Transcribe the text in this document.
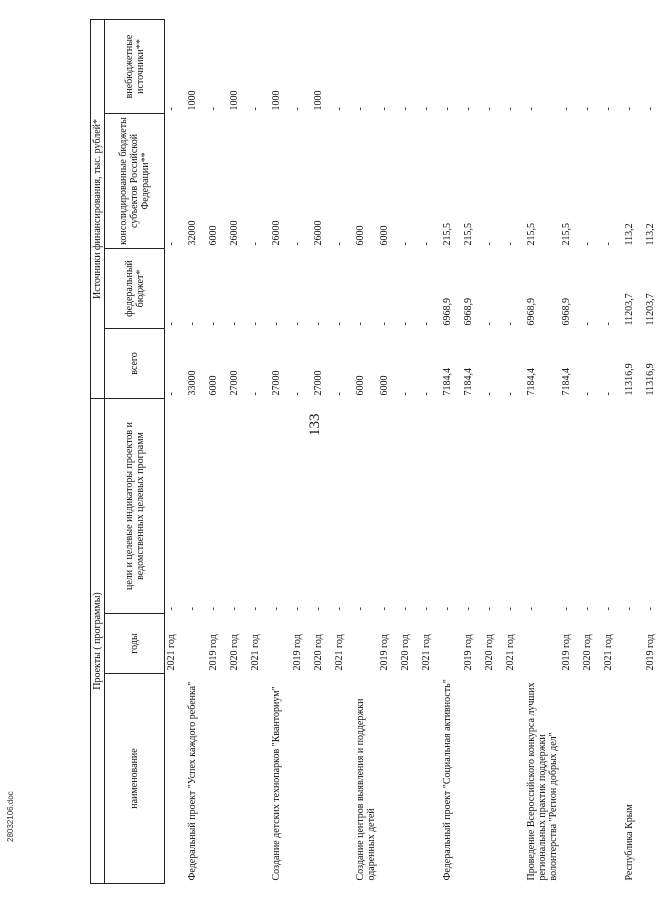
133
Проекты ( программы)			Источники финансирования, тыс. рублей*			
наименование	годы	цели и целевые индикаторы проектов и ведомственных целевых программ	всего	федеральный бюджет*	консолидированные бюджеты субъектов Российской Федерации**	внебюджетные источники**
	2021 год	-	-	-	-	-
Федеральный проект "Успех каждого ребенка"		-	33000	-	32000	1000
	2019 год	-	6000	-	6000	-
	2020 год	-	27000	-	26000	1000
	2021 год	-	-	-	-	-
Создание детских технопарков "Кванториум"		-	27000	-	26000	1000
	2019 год	-	-	-	-	-
	2020 год	-	27000	-	26000	1000
	2021 год	-	-	-	-	-
Создание центров выявления и поддержки одаренных детей		-	6000	-	6000	-
	2019 год	-	6000	-	6000	-
	2020 год	-	-	-	-	-
	2021 год	-	-	-	-	-
Федеральный проект "Социальная активность"		-	7184,4	6968,9	215,5	-
	2019 год	-	7184,4	6968,9	215,5	-
	2020 год	-	-	-	-	-
	2021 год	-	-	-	-	-
Проведение Всероссийского конкурса лучших региональных практик поддержки волонтерства "Регион добрых дел"		-	7184,4	6968,9	215,5	-
	2019 год	-	7184,4	6968,9	215,5	-
	2020 год	-	-	-	-	-
	2021 год	-	-	-	-	-
Республика Крым		-	11316,9	11203,7	113,2	-
	2019 год	-	11316,9	11203,7	113,2	-
28032106.doc
